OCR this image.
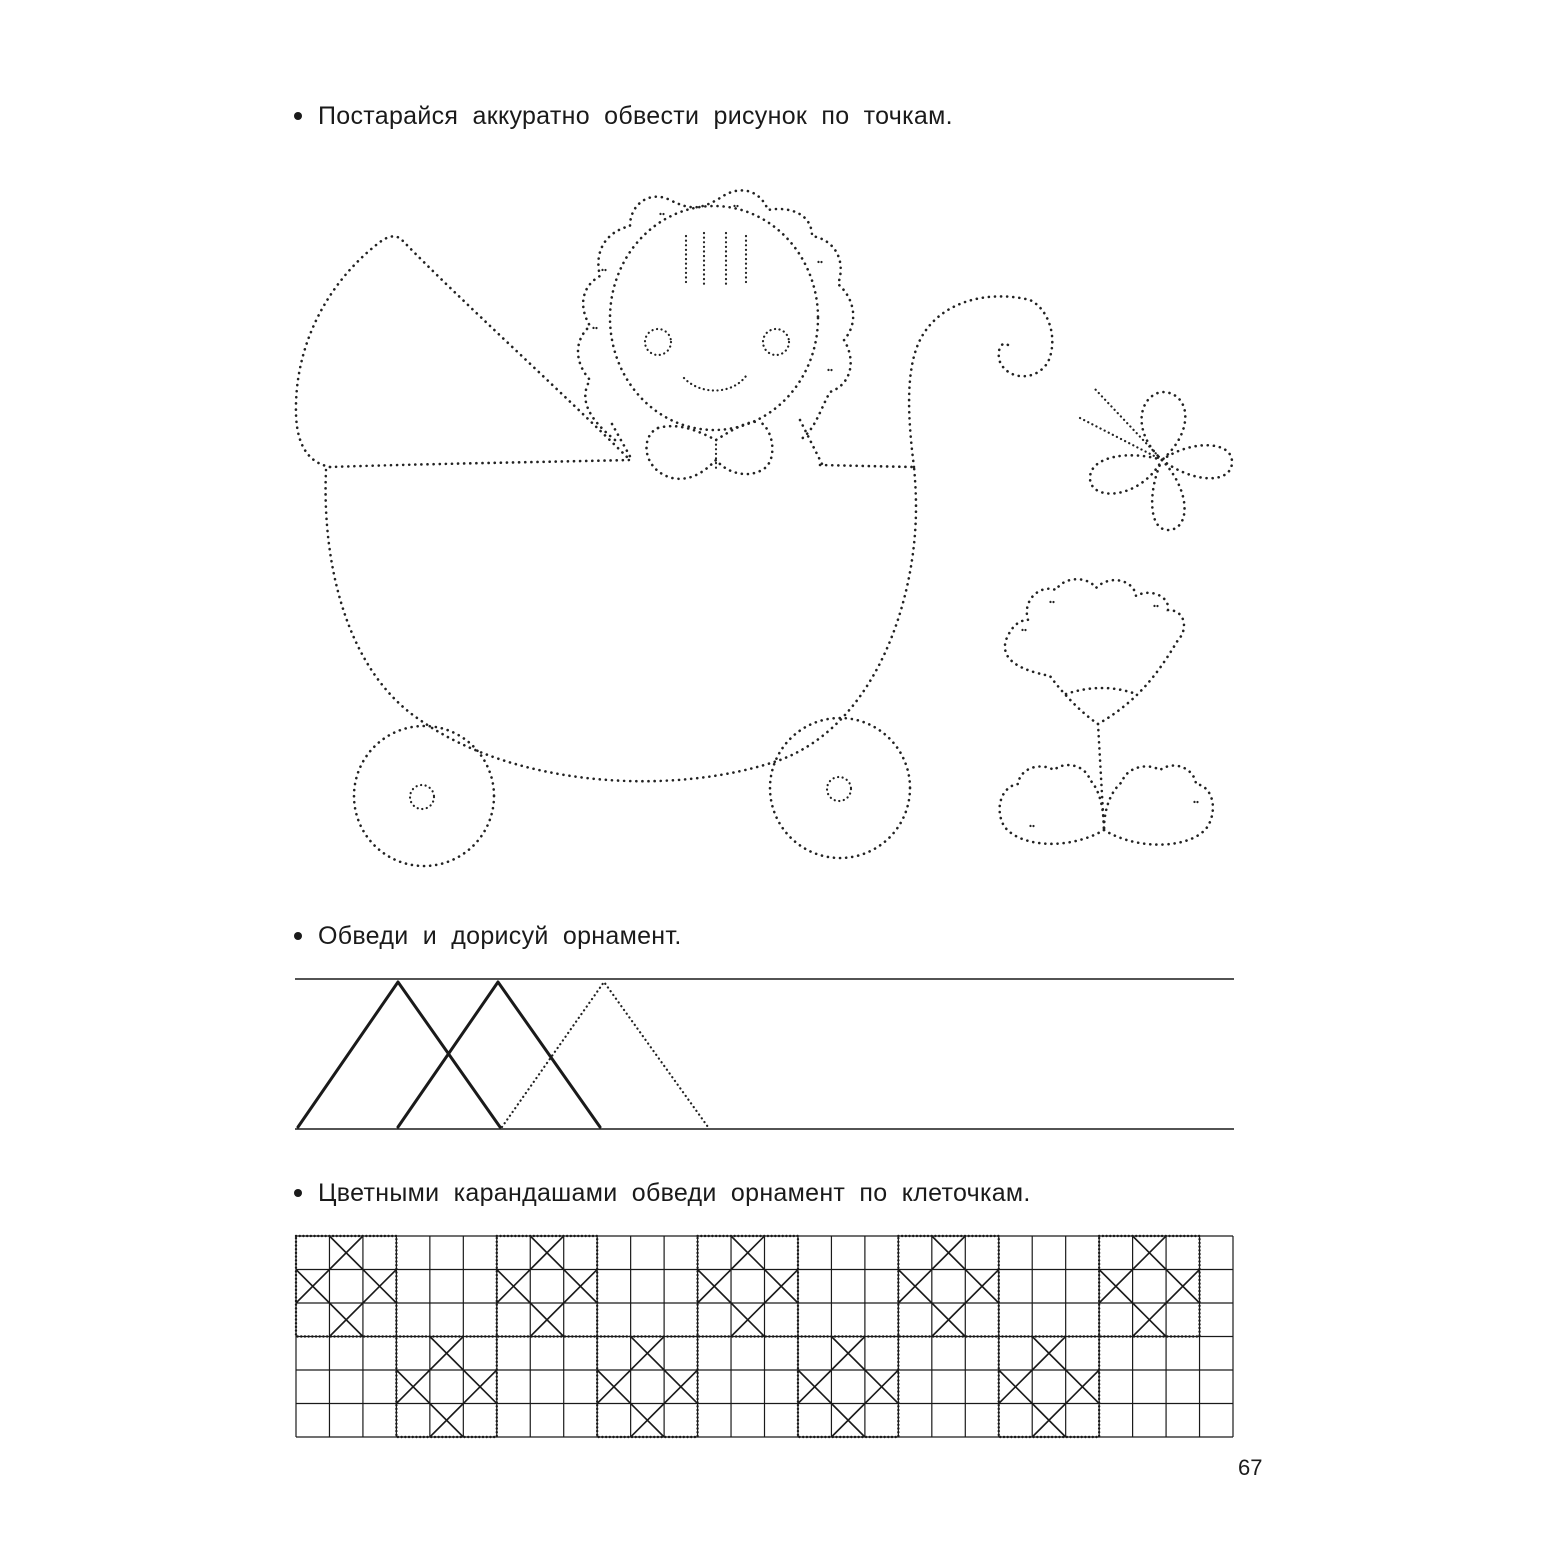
Постарайся аккуратно обвести рисунок по точкам.
Обведи и дорисуй орнамент.
Цветными карандашами обведи орнамент по клеточкам.
67
